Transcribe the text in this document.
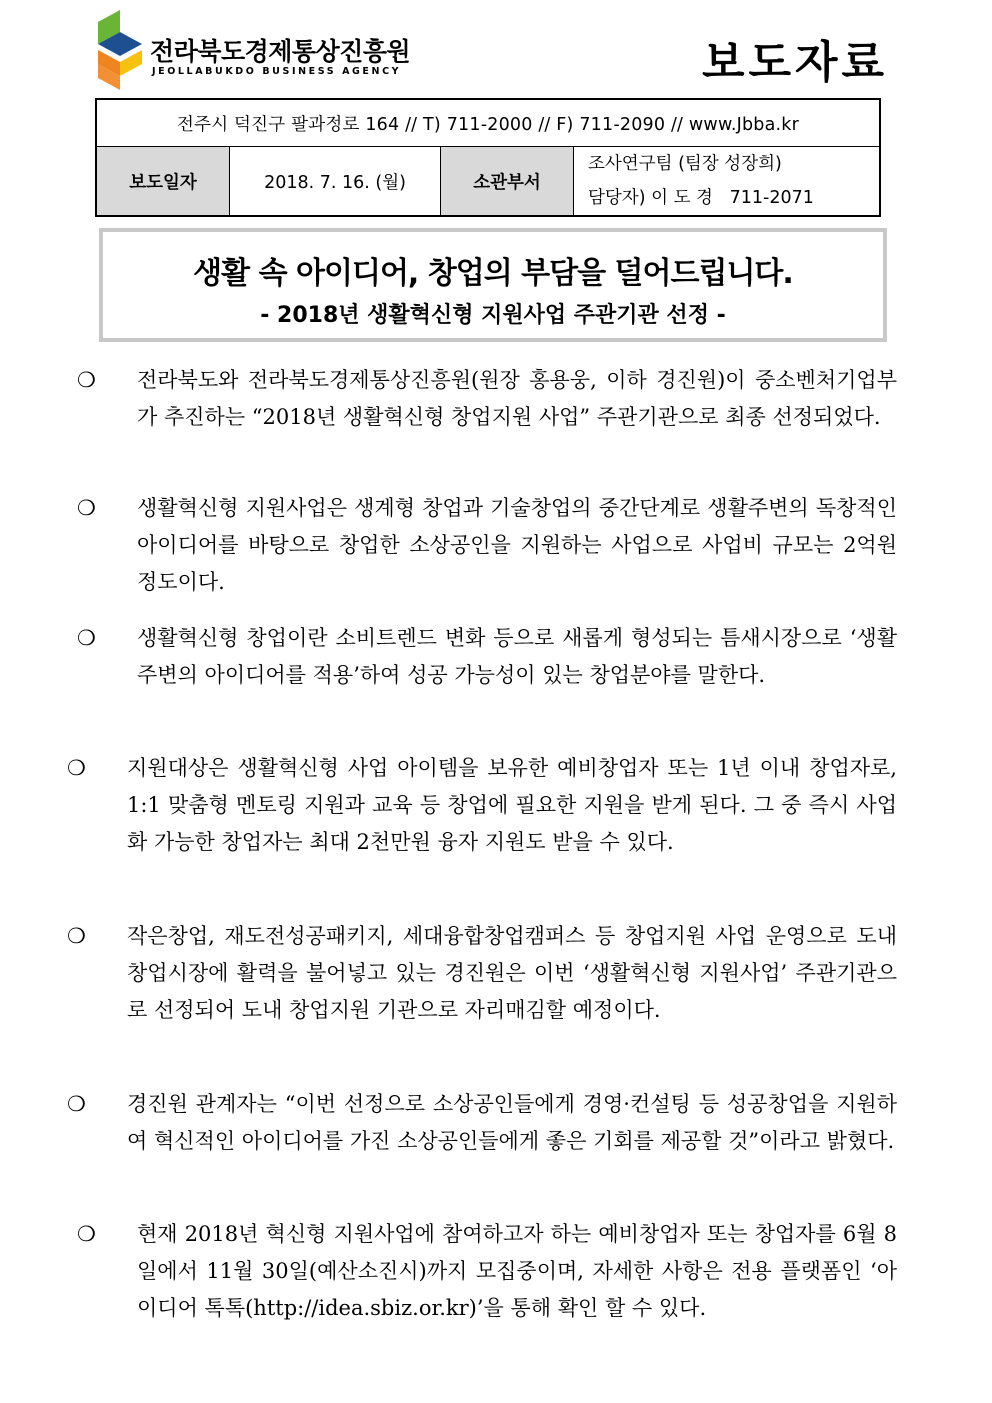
전라북도경제통상진흥원
JEOLLABUKDO BUSINESS AGENCY	보도자료
전주시 덕진구 팔과정로 164 // T) 711-2000 // F) 711-2090 // www.Jbba.kr
보도일자	2018. 7. 16. (월)	소관부서	
조사연구팀 (팀장 성장희)
담당자) 이 도 경   711-2071
생활 속 아이디어, 창업의 부담을 덜어드립니다.
- 2018년 생활혁신형 지원사업 주관기관 선정 -
❍ 전라북도와 전라북도경제통상진흥원(원장 홍용웅, 이하 경진원)이 중소벤처기업부가 추진하는 “2018년 생활혁신형 창업지원 사업” 주관기관으로 최종 선정되었다.
❍ 생활혁신형 지원사업은 생계형 창업과 기술창업의 중간단계로 생활주변의 독창적인 아이디어를 바탕으로 창업한 소상공인을 지원하는 사업으로 사업비 규모는 2억원 정도이다.
❍ 생활혁신형 창업이란 소비트렌드 변화 등으로 새롭게 형성되는 틈새시장으로 ‘생활주변의 아이디어를 적용’하여 성공 가능성이 있는 창업분야를 말한다.
❍ 지원대상은 생활혁신형 사업 아이템을 보유한 예비창업자 또는 1년 이내 창업자로, 1:1 맞춤형 멘토링 지원과 교육 등 창업에 필요한 지원을 받게 된다. 그 중 즉시 사업화 가능한 창업자는 최대 2천만원 융자 지원도 받을 수 있다.
❍ 작은창업, 재도전성공패키지, 세대융합창업캠퍼스 등 창업지원 사업 운영으로 도내 창업시장에 활력을 불어넣고 있는 경진원은 이번 ‘생활혁신형 지원사업’ 주관기관으로 선정되어 도내 창업지원 기관으로 자리매김할 예정이다.
❍ 경진원 관계자는 “이번 선정으로 소상공인들에게 경영·컨설팅 등 성공창업을 지원하여 혁신적인 아이디어를 가진 소상공인들에게 좋은 기회를 제공할 것”이라고 밝혔다.
❍ 현재 2018년 혁신형 지원사업에 참여하고자 하는 예비창업자 또는 창업자를 6월 8일에서 11월 30일(예산소진시)까지 모집중이며, 자세한 사항은 전용 플랫폼인 ‘아이디어 톡톡(http://idea.sbiz.or.kr)’을 통해 확인 할 수 있다.
